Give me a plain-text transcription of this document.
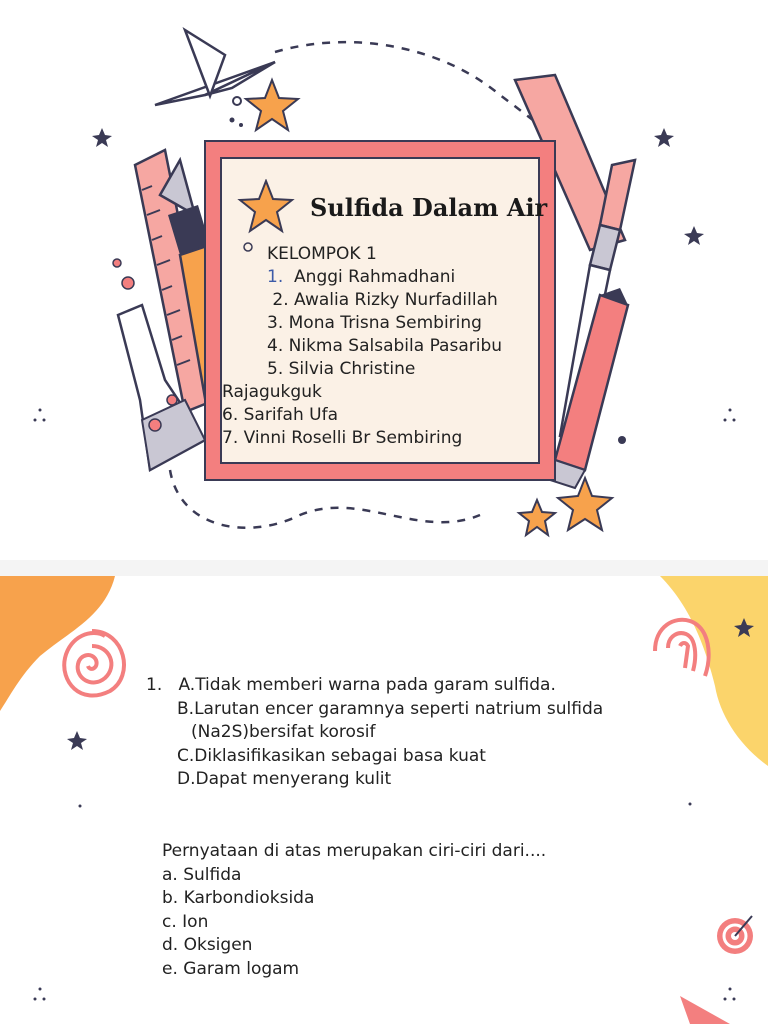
Sulfida Dalam Air
KELOMPOK 1
1.  Anggi Rahmadhani
2. Awalia Rizky Nurfadillah
3. Mona Trisna Sembiring
4. Nikma Salsabila Pasaribu
5. Silvia Christine
Rajagukguk
6. Sarifah Ufa
7. Vinni Roselli Br Sembiring
1. A.Tidak memberi warna pada garam sulfida.
B.Larutan encer garamnya seperti natrium sulfida
(Na2S)bersifat korosif
C.Diklasifikasikan sebagai basa kuat
D.Dapat menyerang kulit
Pernyataan di atas merupakan ciri-ciri dari....
a. Sulfida
b. Karbondioksida
c. Ion
d. Oksigen
e. Garam logam
